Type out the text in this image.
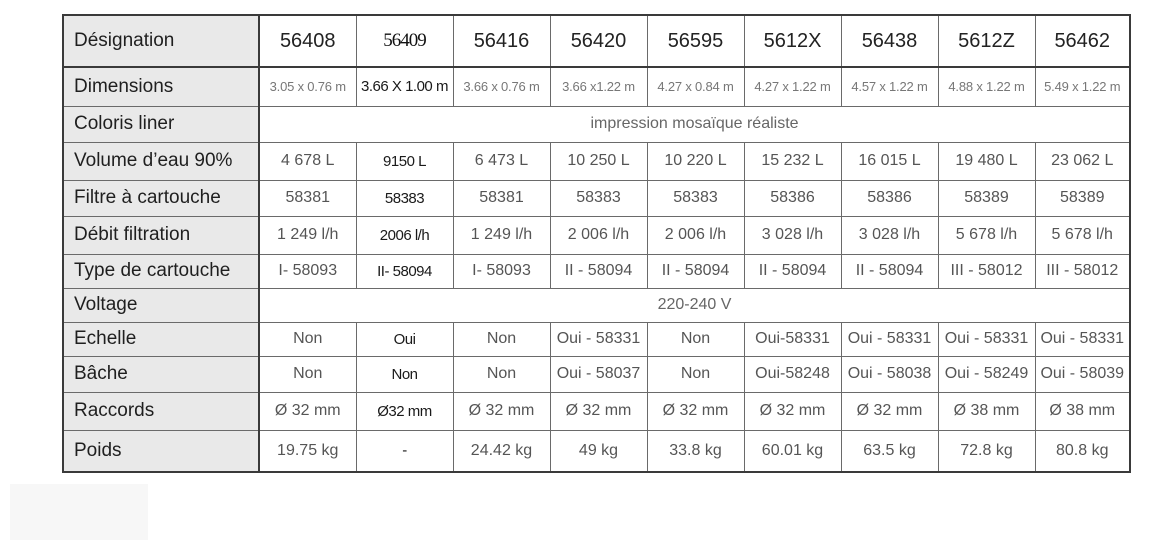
Désignation	56408	56409	56416	56420	56595	5612X	56438	5612Z	56462
Dimensions	3.05 x 0.76 m	3.66 X 1.00 m	3.66 x 0.76 m	3.66 x1.22 m	4.27 x 0.84 m	4.27 x 1.22 m	4.57 x 1.22 m	4.88 x 1.22 m	5.49 x 1.22 m
Coloris liner	impression mosaïque réaliste								
Volume d’eau 90%	4 678 L	9150 L	6 473 L	10 250 L	10 220 L	15 232 L	16 015 L	19 480 L	23 062 L
Filtre à cartouche	58381	58383	58381	58383	58383	58386	58386	58389	58389
Débit filtration	1 249 l/h	2006 l/h	1 249 l/h	2 006 l/h	2 006 l/h	3 028 l/h	3 028 l/h	5 678 l/h	5 678 l/h
Type de cartouche	I- 58093	II- 58094	I- 58093	II - 58094	II - 58094	II - 58094	II - 58094	III - 58012	III - 58012
Voltage	220-240 V								
Echelle	Non	Oui	Non	Oui - 58331	Non	Oui-58331	Oui - 58331	Oui - 58331	Oui - 58331
Bâche	Non	Non	Non	Oui - 58037	Non	Oui-58248	Oui - 58038	Oui - 58249	Oui - 58039
Raccords	Ø 32 mm	Ø32 mm	Ø 32 mm	Ø 32 mm	Ø 32 mm	Ø 32 mm	Ø 32 mm	Ø 38 mm	Ø 38 mm
Poids	19.75 kg	-	24.42 kg	49 kg	33.8 kg	60.01 kg	63.5 kg	72.8 kg	80.8 kg
